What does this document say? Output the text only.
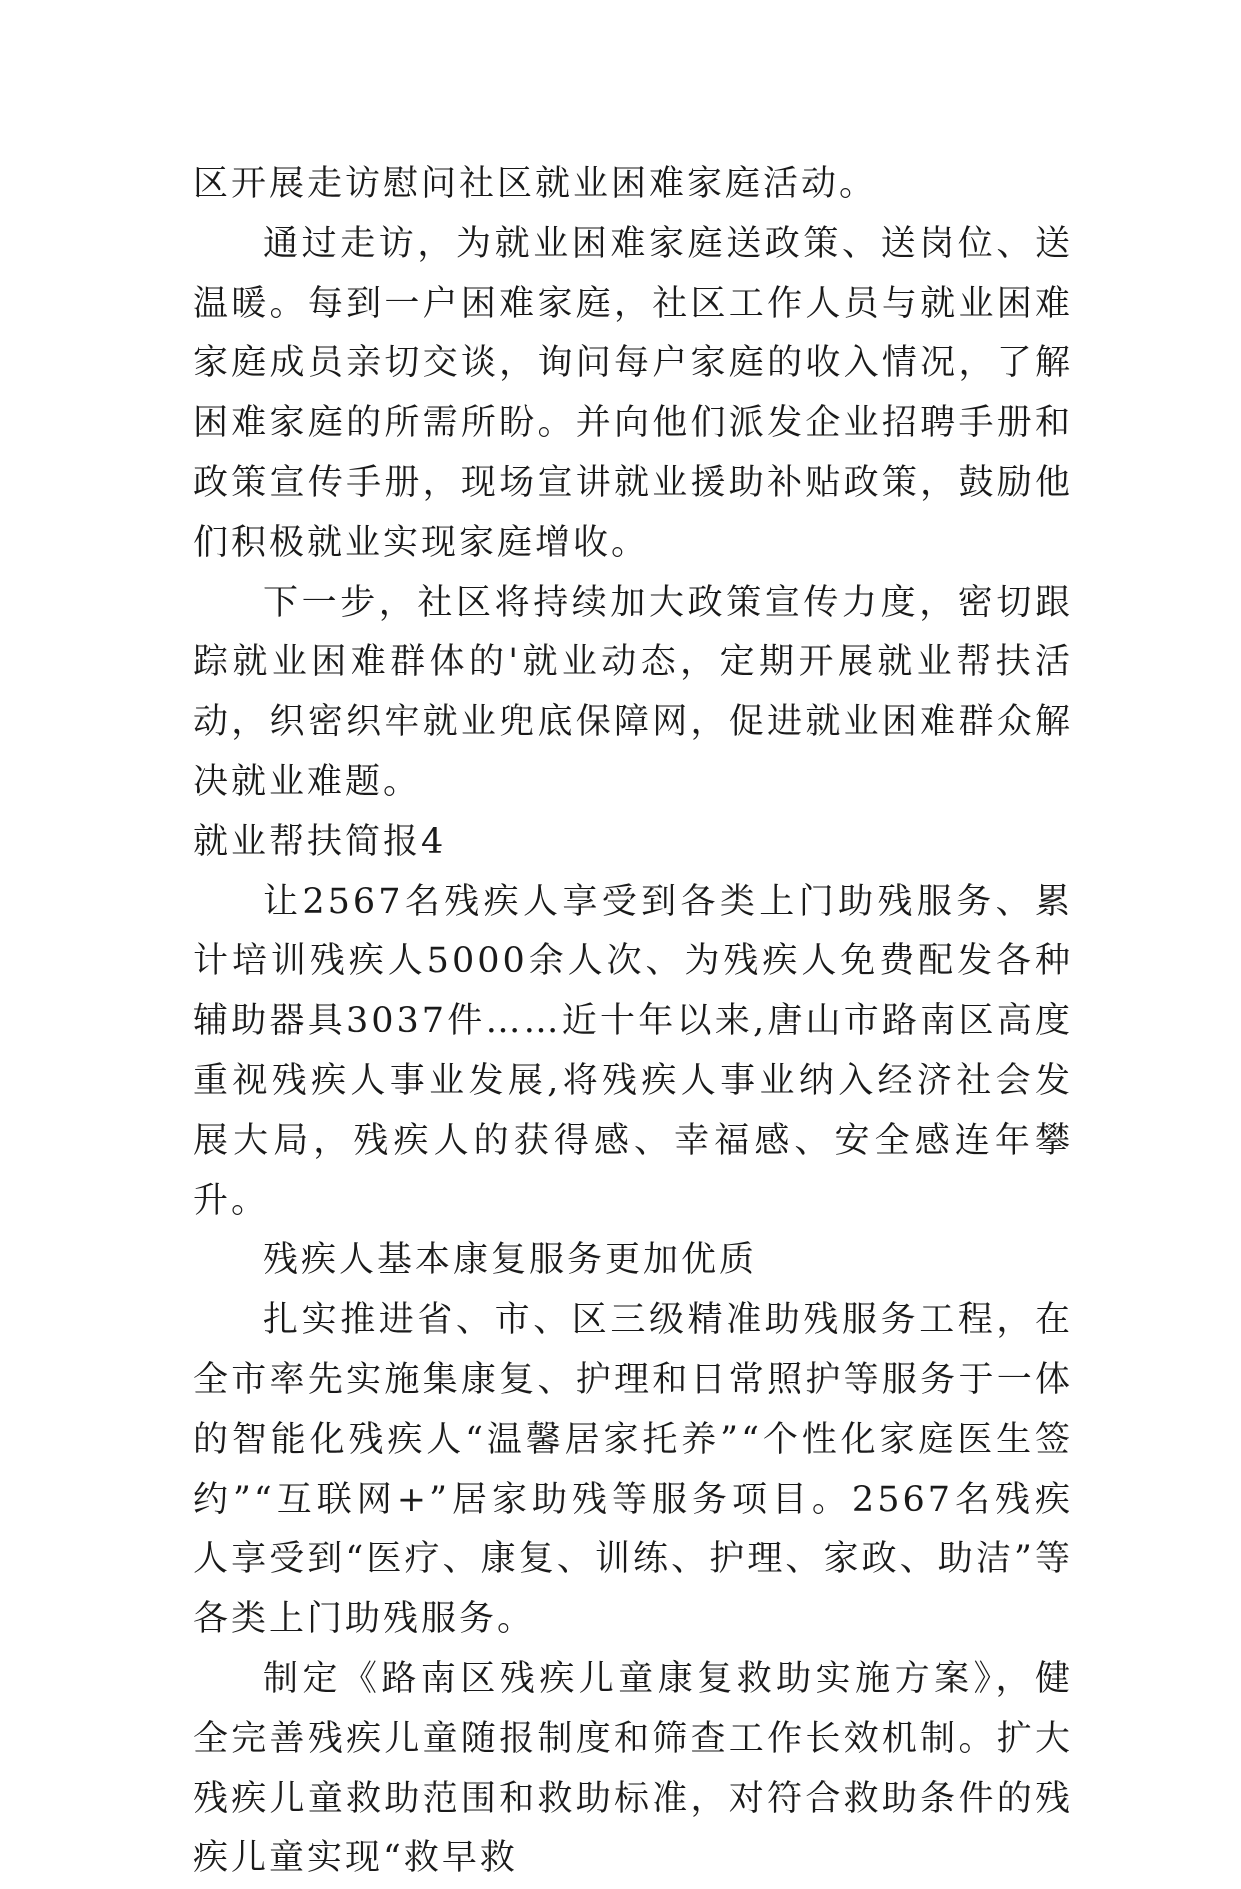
区开展走访慰问社区就业困难家庭活动。

通过走访，为就业困难家庭送政策、送岗位、送温暖。每到一户困难家庭，社区工作人员与就业困难家庭成员亲切交谈，询问每户家庭的收入情况，了解困难家庭的所需所盼。并向他们派发企业招聘手册和政策宣传手册，现场宣讲就业援助补贴政策，鼓励他们积极就业实现家庭增收。

下一步，社区将持续加大政策宣传力度，密切跟踪就业困难群体的'就业动态，定期开展就业帮扶活动，织密织牢就业兜底保障网，促进就业困难群众解决就业难题。

就业帮扶简报4

让2567名残疾人享受到各类上门助残服务、累计培训残疾人5000余人次、为残疾人免费配发各种辅助器具3037件……近十年以来,唐山市路南区高度重视残疾人事业发展,将残疾人事业纳入经济社会发展大局，残疾人的获得感、幸福感、安全感连年攀升。

残疾人基本康复服务更加优质

扎实推进省、市、区三级精准助残服务工程，在全市率先实施集康复、护理和日常照护等服务于一体的智能化残疾人“温馨居家托养”“个性化家庭医生签约”“互联网+”居家助残等服务项目。2567名残疾人享受到“医疗、康复、训练、护理、家政、助洁”等各类上门助残服务。

制定《路南区残疾儿童康复救助实施方案》，健全完善残疾儿童随报制度和筛查工作长效机制。扩大残疾儿童救助范围和救助标准，对符合救助条件的残疾儿童实现“救早救
